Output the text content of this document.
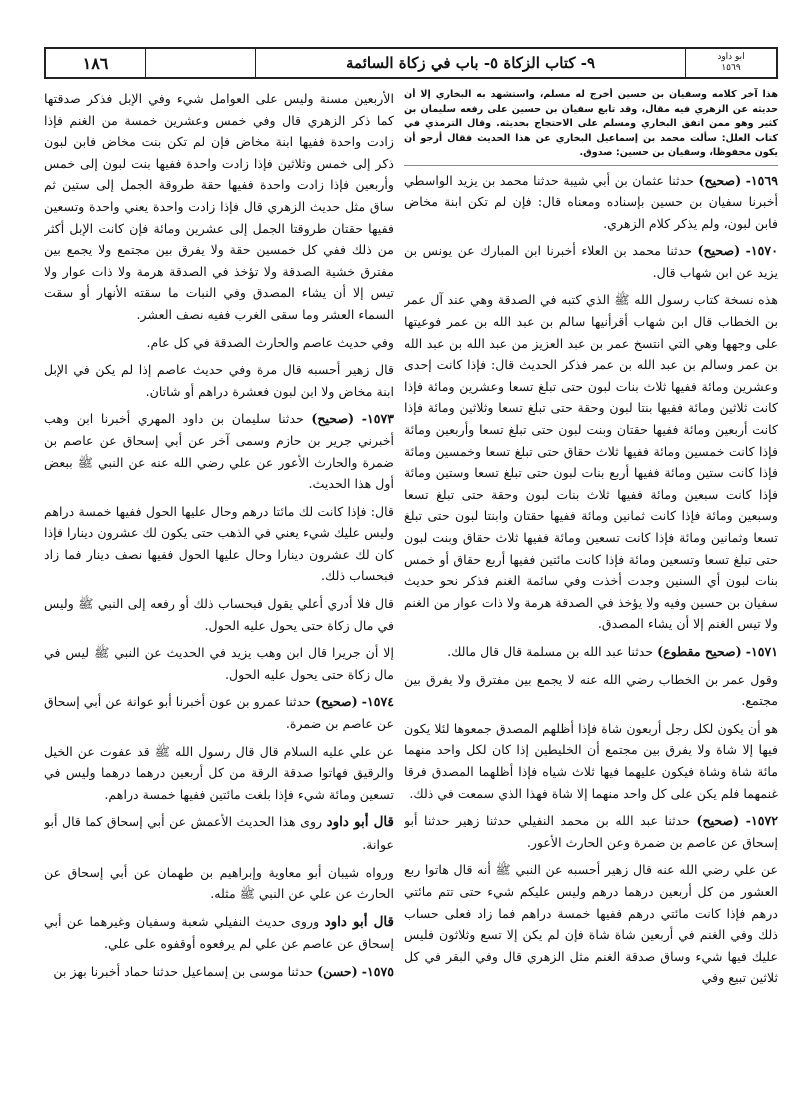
١٨٦	٩- كتاب الزكاة ٥- باب في زكاة السائمة	ابو داود
١٥٦٩

هذا آخر كلامه وسفيان بن حسين أخرج له مسلم، واستشهد به البخاري إلا أن حديثه عن الزهري فيه مقال، وقد تابع سفيان بن حسين على رفعه سليمان بن كثير وهو ممن اتفق البخاري ومسلم على الاحتجاج بحديثه. وقال الترمذي في كتاب العلل: سألت محمد بن إسماعيل البخاري عن هذا الحديث فقال أرجو أن يكون محفوظا، وسفيان بن حسين: صدوق.

١٥٦٩- (صحيح) حدثنا عثمان بن أبي شيبة حدثنا محمد بن يزيد الواسطي أخبرنا سفيان بن حسين بإسناده ومعناه قال: فإن لم تكن ابنة مخاض فابن لبون، ولم يذكر كلام الزهري.

١٥٧٠- (صحيح) حدثنا محمد بن العلاء أخبرنا ابن المبارك عن يونس بن يزيد عن ابن شهاب قال.

هذه نسخة كتاب رسول الله ﷺ الذي كتبه في الصدقة وهي عند آل عمر بن الخطاب قال ابن شهاب أقرأنيها سالم بن عبد الله بن عمر فوعيتها على وجهها وهي التي انتسخ عمر بن عبد العزيز من عبد الله بن عبد الله بن عمر وسالم بن عبد الله بن عمر فذكر الحديث قال: فإذا كانت إحدى وعشرين ومائة ففيها ثلاث بنات لبون حتى تبلغ تسعا وعشرين ومائة فإذا كانت ثلاثين ومائة ففيها بنتا لبون وحقة حتى تبلغ تسعا وثلاثين ومائة فإذا كانت أربعين ومائة ففيها حقتان وبنت لبون حتى تبلغ تسعا وأربعين ومائة فإذا كانت خمسين ومائة ففيها ثلاث حقاق حتى تبلغ تسعا وخمسين ومائة فإذا كانت ستين ومائة ففيها أربع بنات لبون حتى تبلغ تسعا وستين ومائة فإذا كانت سبعين ومائة ففيها ثلاث بنات لبون وحقة حتى تبلغ تسعا وسبعين ومائة فإذا كانت ثمانين ومائة ففيها حقتان وابنتا لبون حتى تبلغ تسعا وثمانين ومائة فإذا كانت تسعين ومائة ففيها ثلاث حقاق وبنت لبون حتى تبلغ تسعا وتسعين ومائة فإذا كانت مائتين ففيها أربع حقاق أو خمس بنات لبون أي السنين وجدت أخذت وفي سائمة الغنم فذكر نحو حديث سفيان بن حسين وفيه ولا يؤخذ في الصدقة هرمة ولا ذات عوار من الغنم ولا تيس الغنم إلا أن يشاء المصدق.

١٥٧١- (صحيح مقطوع) حدثنا عبد الله بن مسلمة قال قال مالك.

وقول عمر بن الخطاب رضي الله عنه لا يجمع بين مفترق ولا يفرق بين مجتمع.

هو أن يكون لكل رجل أربعون شاة فإذا أظلهم المصدق جمعوها لئلا يكون فيها إلا شاة ولا يفرق بين مجتمع أن الخليطين إذا كان لكل واحد منهما مائة شاة وشاة فيكون عليهما فيها ثلاث شياه فإذا أظلهما المصدق فرقا غنمهما فلم يكن على كل واحد منهما إلا شاة فهذا الذي سمعت في ذلك.

١٥٧٢- (صحيح) حدثنا عبد الله بن محمد النفيلي حدثنا زهير حدثنا أبو إسحاق عن عاصم بن ضمرة وعن الحارث الأعور.

عن علي رضي الله عنه قال زهير أحسبه عن النبي ﷺ أنه قال هاتوا ربع العشور من كل أربعين درهما درهم وليس عليكم شيء حتى تتم مائتي درهم فإذا كانت مائتي درهم ففيها خمسة دراهم فما زاد فعلى حساب ذلك وفي الغنم في أربعين شاة شاة فإن لم يكن إلا تسع وثلاثون فليس عليك فيها شيء وساق صدقة الغنم مثل الزهري قال وفي البقر في كل ثلاثين تبيع وفي

الأربعين مسنة وليس على العوامل شيء وفي الإبل فذكر صدقتها كما ذكر الزهري قال وفي خمس وعشرين خمسة من الغنم فإذا زادت واحدة ففيها ابنة مخاض فإن لم تكن بنت مخاض فابن لبون ذكر إلى خمس وثلاثين فإذا زادت واحدة ففيها بنت لبون إلى خمس وأربعين فإذا زادت واحدة ففيها حقة طروقة الجمل إلى ستين ثم ساق مثل حديث الزهري قال فإذا زادت واحدة يعني واحدة وتسعين ففيها حقتان طروقتا الجمل إلى عشرين ومائة فإن كانت الإبل أكثر من ذلك ففي كل خمسين حقة ولا يفرق بين مجتمع ولا يجمع بين مفترق خشية الصدقة ولا تؤخذ في الصدقة هرمة ولا ذات عوار ولا تيس إلا أن يشاء المصدق وفي النبات ما سقته الأنهار أو سقت السماء العشر وما سقى الغرب ففيه نصف العشر.

وفي حديث عاصم والحارث الصدقة في كل عام.

قال زهير أحسبه قال مرة وفي حديث عاصم إذا لم يكن في الإبل ابنة مخاض ولا ابن لبون فعشرة دراهم أو شاتان.

١٥٧٣- (صحيح) حدثنا سليمان بن داود المهري أخبرنا ابن وهب أخبرني جرير بن حازم وسمى آخر عن أبي إسحاق عن عاصم بن ضمرة والحارث الأعور عن علي رضي الله عنه عن النبي ﷺ ببعض أول هذا الحديث.

قال: فإذا كانت لك مائتا درهم وحال عليها الحول ففيها خمسة دراهم وليس عليك شيء يعني في الذهب حتى يكون لك عشرون دينارا فإذا كان لك عشرون دينارا وحال عليها الحول ففيها نصف دينار فما زاد فبحساب ذلك.

قال فلا أدري أعلي يقول فبحساب ذلك أو رفعه إلى النبي ﷺ وليس في مال زكاة حتى يحول عليه الحول.

إلا أن جريرا قال ابن وهب يزيد في الحديث عن النبي ﷺ ليس في مال زكاة حتى يحول عليه الحول.

١٥٧٤- (صحيح) حدثنا عمرو بن عون أخبرنا أبو عوانة عن أبي إسحاق عن عاصم بن ضمرة.

عن علي عليه السلام قال قال رسول الله ﷺ قد عفوت عن الخيل والرقيق فهاتوا صدقة الرقة من كل أربعين درهما درهما وليس في تسعين ومائة شيء فإذا بلغت مائتين ففيها خمسة دراهم.

قال أبو داود روى هذا الحديث الأعمش عن أبي إسحاق كما قال أبو عوانة.

ورواه شيبان أبو معاوية وإبراهيم بن طهمان عن أبي إسحاق عن الحارث عن علي عن النبي ﷺ مثله.

قال أبو داود وروى حديث النفيلي شعبة وسفيان وغيرهما عن أبي إسحاق عن عاصم عن علي لم يرفعوه أوقفوه على علي.

١٥٧٥- (حسن) حدثنا موسى بن إسماعيل حدثنا حماد أخبرنا بهز بن
